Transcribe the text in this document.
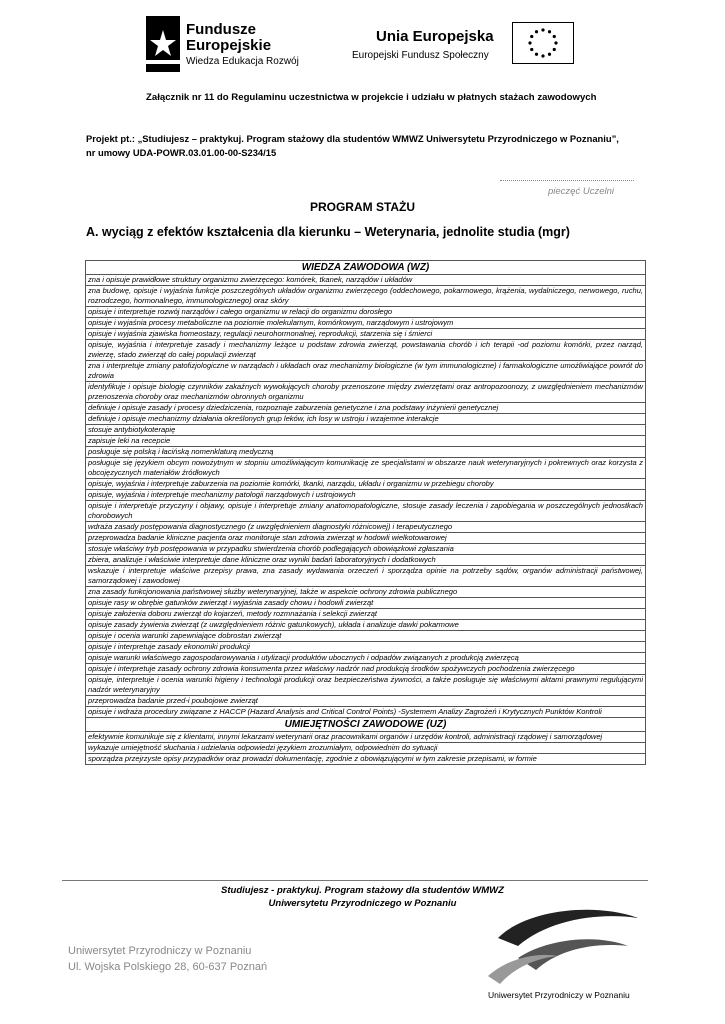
Fundusze
Europejskie
Wiedza Edukacja Rozwój
Unia Europejska
Europejski Fundusz Społeczny
Załącznik nr 11 do Regulaminu uczestnictwa w projekcie i udziału w płatnych stażach zawodowych
Projekt pt.: „Studiujesz – praktykuj. Program stażowy dla studentów WMWZ Uniwersytetu Przyrodniczego w Poznaniu”,
nr umowy UDA-POWR.03.01.00-00-S234/15
pieczęć Uczelni
PROGRAM STAŻU
A. wyciąg z efektów kształcenia dla kierunku – Weterynaria, jednolite studia (mgr)
WIEDZA ZAWODOWA (WZ)
zna i opisuje prawidłowe struktury organizmu zwierzęcego: komórek, tkanek, narządów i układów
zna budowę, opisuje i wyjaśnia funkcje poszczególnych układów organizmu zwierzęcego (oddechowego, pokarmowego, krążenia, wydalniczego, nerwowego, ruchu, rozrodczego, hormonalnego, immunologicznego) oraz skóry
opisuje i interpretuje rozwój narządów i całego organizmu w relacji do organizmu dorosłego
opisuje i wyjaśnia procesy metaboliczne na poziomie molekularnym, komórkowym, narządowym i ustrojowym
opisuje i wyjaśnia zjawiska homeostazy, regulacji neurohormonalnej, reprodukcji, starzenia się i śmierci
opisuje, wyjaśnia i interpretuje zasady i mechanizmy leżące u podstaw zdrowia zwierząt, powstawania chorób i ich terapii -od poziomu komórki, przez narząd, zwierzę, stado zwierząt do całej populacji zwierząt
zna i interpretuje zmiany patofizjologiczne w narządach i układach oraz mechanizmy biologiczne (w tym immunologiczne) i farmakologiczne umożliwiające powrót do zdrowia
identyfikuje i opisuje biologię czynników zakaźnych wywołujących choroby przenoszone między zwierzętami oraz antropozoonozy, z uwzględnieniem mechanizmów przenoszenia choroby oraz mechanizmów obronnych organizmu
definiuje i opisuje zasady i procesy dziedziczenia, rozpoznaje zaburzenia genetyczne i zna podstawy inżynierii genetycznej
definiuje i opisuje mechanizmy działania określonych grup leków, ich losy w ustroju i wzajemne interakcje
stosuje antybiotykoterapię
zapisuje leki na recepcie
posługuje się polską i łacińską nomenklaturą medyczną
posługuje się językiem obcym nowożytnym w stopniu umożliwiającym komunikację ze specjalistami w obszarze nauk weterynaryjnych i pokrewnych oraz korzysta z obcojęzycznych materiałów źródłowych
opisuje, wyjaśnia i interpretuje zaburzenia na poziomie komórki, tkanki, narządu, układu i organizmu w przebiegu choroby
opisuje, wyjaśnia i interpretuje mechanizmy patologii narządowych i ustrojowych
opisuje i interpretuje przyczyny i objawy, opisuje i interpretuje zmiany anatomopatologiczne, stosuje zasady leczenia i zapobiegania w poszczególnych jednostkach chorobowych
wdraża zasady postępowania diagnostycznego (z uwzględnieniem diagnostyki różnicowej) i terapeutycznego
przeprowadza badanie kliniczne pacjenta oraz monitoruje stan zdrowia zwierząt w hodowli wielkotowarowej
stosuje właściwy tryb postępowania w przypadku stwierdzenia chorób podlegających obowiązkowi zgłaszania
zbiera, analizuje i właściwie interpretuje dane kliniczne oraz wyniki badań laboratoryjnych i dodatkowych
wskazuje i interpretuje właściwe przepisy prawa, zna zasady wydawania orzeczeń i sporządza opinie na potrzeby sądów, organów administracji państwowej, samorządowej i zawodowej
zna zasady funkcjonowania państwowej służby weterynaryjnej, także w aspekcie ochrony zdrowia publicznego
opisuje rasy w obrębie gatunków zwierząt i wyjaśnia zasady chowu i hodowli zwierząt
opisuje założenia doboru zwierząt do kojarzeń, metody rozmnażania i selekcji zwierząt
opisuje zasady żywienia zwierząt (z uwzględnieniem różnic gatunkowych), układa i analizuje dawki pokarmowe
opisuje i ocenia warunki zapewniające dobrostan zwierząt
opisuje i interpretuje zasady ekonomiki produkcji
opisuje warunki właściwego zagospodarowywania i utylizacji produktów ubocznych i odpadów związanych z produkcją zwierzęcą
opisuje i interpretuje zasady ochrony zdrowia konsumenta przez właściwy nadzór nad produkcją środków spożywczych pochodzenia zwierzęcego
opisuje, interpretuje i ocenia warunki higieny i technologii produkcji oraz bezpieczeństwa żywności, a także posługuje się właściwymi aktami prawnymi regulującymi nadzór weterynaryjny
przeprowadza badanie przed-i poubojowe zwierząt
opisuje i wdraża procedury związane z HACCP (Hazard Analysis and Critical Control Points) -Systemem Analizy Zagrożeń i Krytycznych Punktów Kontroli
UMIEJĘTNOŚCI ZAWODOWE (UZ)
efektywnie komunikuje się z klientami, innymi lekarzami weterynarii oraz pracownikami organów i urzędów kontroli, administracji rządowej i samorządowej
wykazuje umiejętność słuchania i udzielania odpowiedzi językiem zrozumiałym, odpowiednim do sytuacji
sporządza przejrzyste opisy przypadków oraz prowadzi dokumentację, zgodnie z obowiązującymi w tym zakresie przepisami, w formie
Studiujesz - praktykuj. Program stażowy dla studentów WMWZ
Uniwersytetu Przyrodniczego w Poznaniu
Uniwersytet Przyrodniczy w Poznaniu
Ul. Wojska Polskiego 28, 60-637 Poznań
Uniwersytet Przyrodniczy w Poznaniu
